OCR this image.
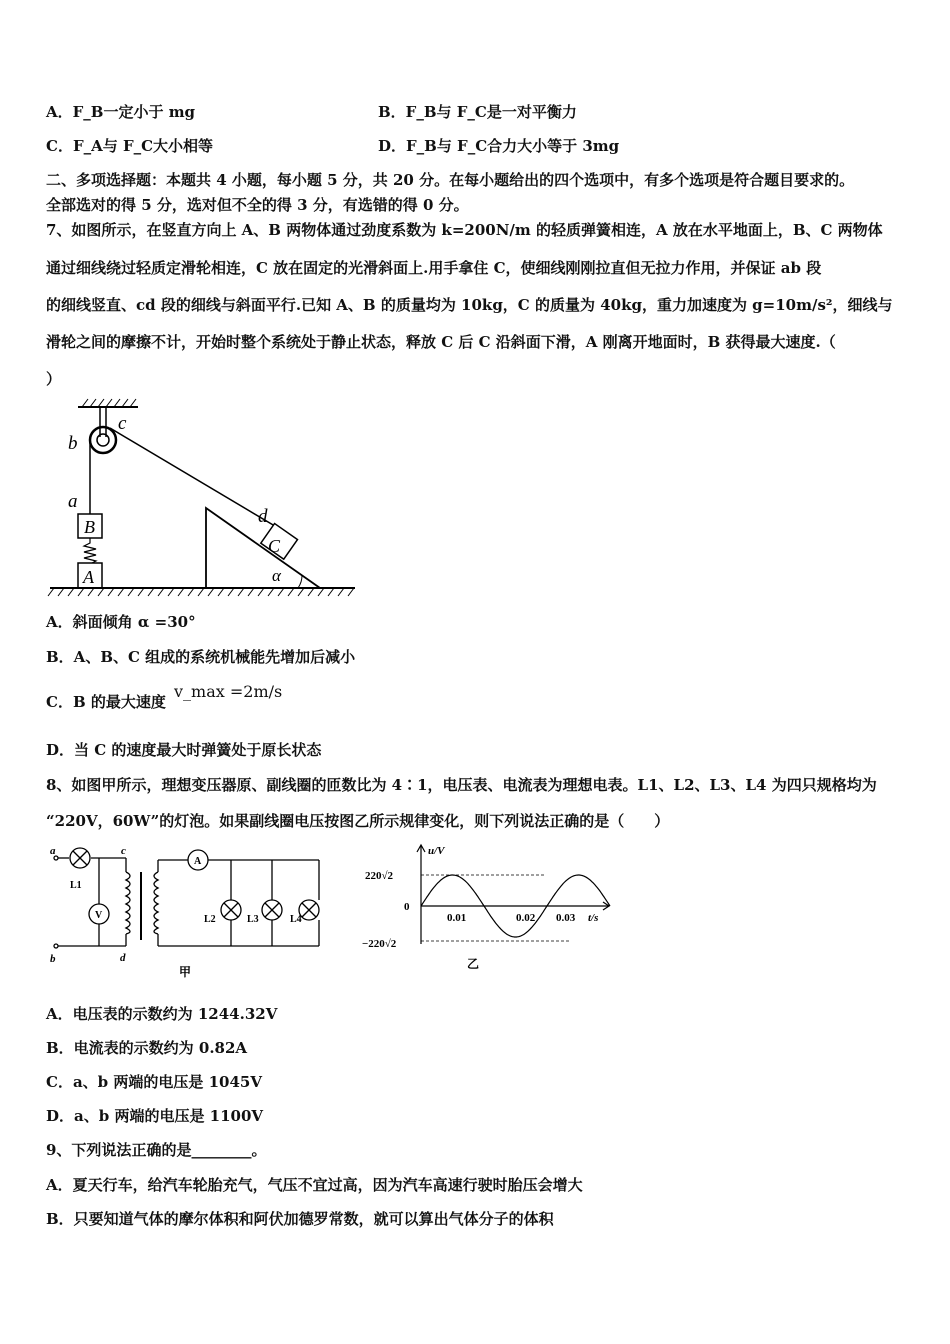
A．F_B一定小于 mg	B．F_B与 F_C是一对平衡力
C．F_A与 F_C大小相等	D．F_B与 F_C合力大小等于 3mg
二、多项选择题：本题共 4 小题，每小题 5 分，共 20 分。在每小题给出的四个选项中，有多个选项是符合题目要求的。
全部选对的得 5 分，选对但不全的得 3 分，有选错的得 0 分。
7、如图所示，在竖直方向上 A、B 两物体通过劲度系数为 k=200N/m 的轻质弹簧相连，A 放在水平地面上，B、C 两物体
通过细线绕过轻质定滑轮相连，C 放在固定的光滑斜面上.用手拿住 C，使细线刚刚拉直但无拉力作用，并保证 ab 段
的细线竖直、cd 段的细线与斜面平行.已知 A、B 的质量均为 10kg，C 的质量为 40kg，重力加速度为 g=10m/s²，细线与
滑轮之间的摩擦不计，开始时整个系统处于静止状态，释放 C 后 C 沿斜面下滑，A 刚离开地面时，B 获得最大速度.（
）
B
A
C
α
b
c
a
d
A．斜面倾角 α =30°
B．A、B、C 组成的系统机械能先增加后减小
C．B 的最大速度
v_max =2m/s
D．当 C 的速度最大时弹簧处于原长状态
8、如图甲所示，理想变压器原、副线圈的匝数比为 4∶1，电压表、电流表为理想电表。L1、L2、L3、L4 为四只规格均为
“220V，60W”的灯泡。如果副线圈电压按图乙所示规律变化，则下列说法正确的是（　　）
a
b
c
d
L1
V
A
L2	L3	L4
甲
u/V
220√2
0
−220√2
0.01	0.02 0.03 t/s
乙
A．电压表的示数约为 1244.32V
B．电流表的示数约为 0.82A
C．a、b 两端的电压是 1045V
D．a、b 两端的电压是 1100V
9、下列说法正确的是________。
A．夏天行车，给汽车轮胎充气，气压不宜过高，因为汽车高速行驶时胎压会增大
B．只要知道气体的摩尔体积和阿伏加德罗常数，就可以算出气体分子的体积
